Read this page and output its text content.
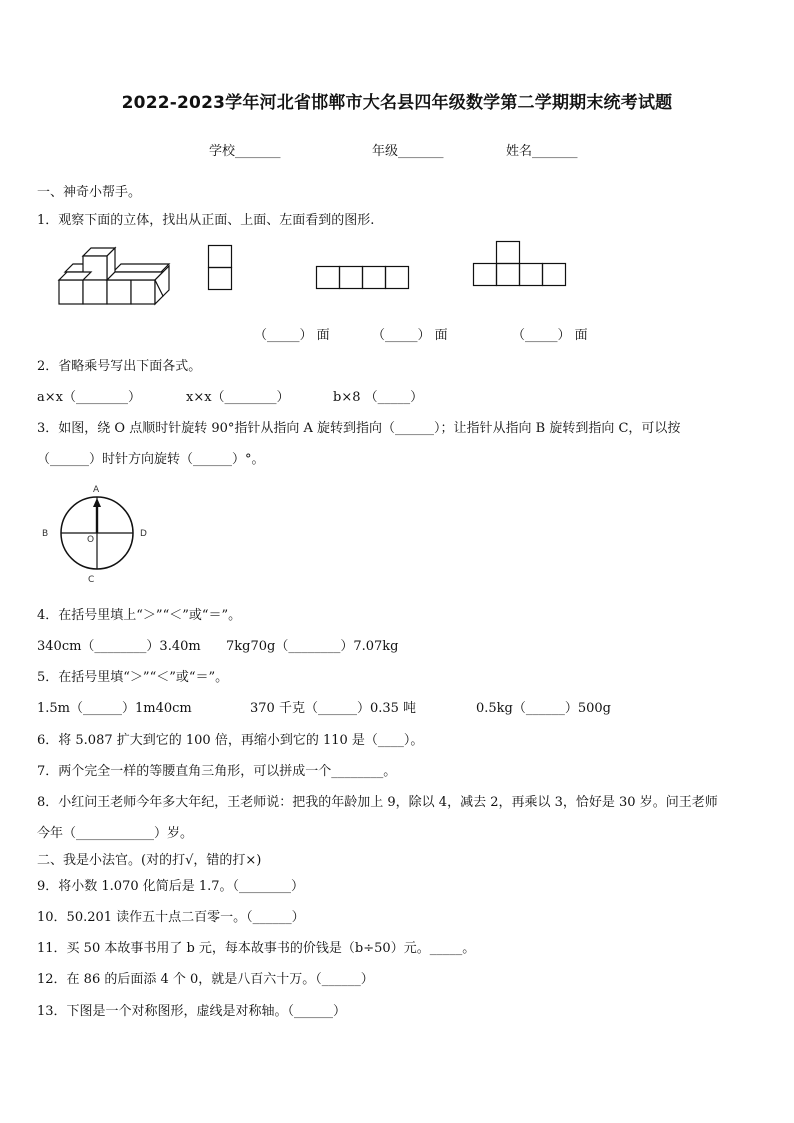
2022-2023学年河北省邯郸市大名县四年级数学第二学期期末统考试题
学校_______	年级_______	姓名_______
一、神奇小帮手。
1．观察下面的立体，找出从正面、上面、左面看到的图形.
（_____） 面	（_____） 面	（_____） 面
2．省略乘号写出下面各式。
a×x（________）	x×x（________）	b×8 （_____）
3．如图，绕 O 点顺时针旋转 90°指针从指向 A 旋转到指向（______）；让指针从指向 B 旋转到指向 C，可以按
（______）时针方向旋转（______）°。
A
B	D
O
C
4．在括号里填上“＞”“＜”或“＝”。
340cm（________）3.40m 7kg70g（________）7.07kg
5．在括号里填“＞”“＜”或“＝”。
1.5m（______）1m40cm	370 千克（______）0.35 吨	0.5kg（______）500g
6．将 5.087 扩大到它的 100 倍，再缩小到它的 110 是（____）。
7．两个完全一样的等腰直角三角形，可以拼成一个________。
8．小红问王老师今年多大年纪，王老师说：把我的年龄加上 9，除以 4，减去 2，再乘以 3，恰好是 30 岁。问王老师
今年（____________）岁。
二、我是小法官。(对的打√，错的打×)
9．将小数 1.070 化简后是 1.7。（________）
10．50.201 读作五十点二百零一。（______）
11．买 50 本故事书用了 b 元，每本故事书的价钱是（b÷50）元。_____。
12．在 86 的后面添 4 个 0，就是八百六十万。（______）
13．下图是一个对称图形，虚线是对称轴。（______）
